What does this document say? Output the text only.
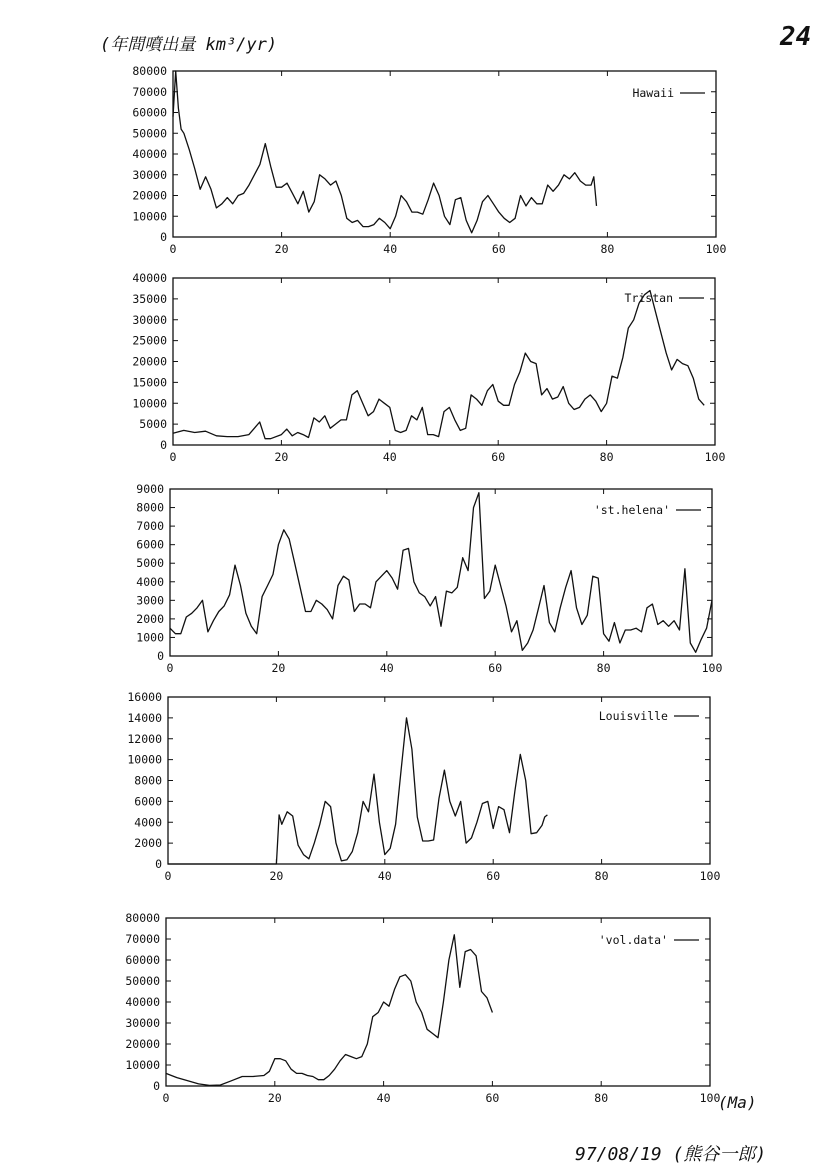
(年間噴出量 km³/yr)	24
(Ma)
97/08/19 (熊谷一郎)
0	20	40	60	80	100
0
10000
20000
30000
40000
50000
60000
70000
80000
Hawaii
0	20	40	60	80	100
0
5000
10000
15000
20000
25000
30000
35000
40000
Tristan
0	20	40	60	80	100
0
1000
2000
3000
4000
5000
6000
7000
8000
9000
'st.helena'
0	20	40	60	80	100
0
2000
4000
6000
8000
10000
12000
14000
16000
Louisville
0	20	40	60	80	100
0
10000
20000
30000
40000
50000
60000
70000
80000
'vol.data'
